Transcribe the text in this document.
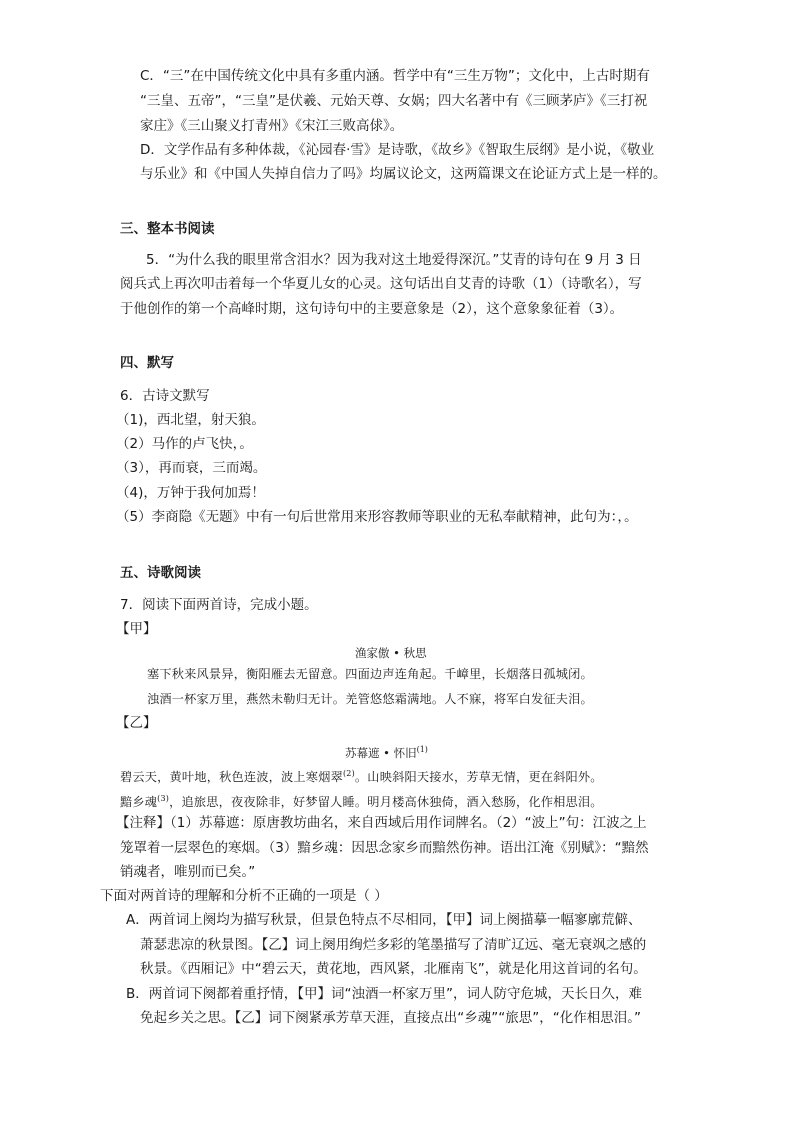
C．“三”在中国传统文化中具有多重内涵。哲学中有“三生万物”；文化中，上古时期有
“三皇、五帝”，“三皇”是伏羲、元始天尊、女娲；四大名著中有《三顾茅庐》《三打祝
家庄》《三山聚义打青州》《宋江三败高俅》。
D．文学作品有多种体裁，《沁园春·雪》是诗歌，《故乡》《智取生辰纲》是小说，《敬业
与乐业》和《中国人失掉自信力了吗》均属议论文，这两篇课文在论证方式上是一样的。
三、整本书阅读
5．“为什么我的眼里常含泪水？因为我对这土地爱得深沉。”艾青的诗句在 9 月 3 日
阅兵式上再次叩击着每一个华夏儿女的心灵。这句话出自艾青的诗歌（1）（诗歌名），写
于他创作的第一个高峰时期，这句诗句中的主要意象是（2），这个意象象征着（3）。
四、默写
6．古诗文默写
（1)，西北望，射天狼。
（2）马作的卢飞快，。
（3），再而衰，三而竭。
（4)，万钟于我何加焉！
（5）李商隐《无题》中有一句后世常用来形容教师等职业的无私奉献精神，此句为：，。
五、诗歌阅读
7．阅读下面两首诗，完成小题。
【甲】
渔家傲 • 秋思
塞下秋来风景异，衡阳雁去无留意。四面边声连角起。千嶂里，长烟落日孤城闭。
浊酒一杯家万里，燕然未勒归无计。羌管悠悠霜满地。人不寐，将军白发征夫泪。
【乙】
苏幕遮 • 怀旧$^{(1)}$
碧云天，黄叶地，秋色连波，波上寒烟翠$^{(2)}$。山映斜阳天接水，芳草无情，更在斜阳外。
黯乡魂$^{(3)}$，追旅思，夜夜除非，好梦留人睡。明月楼高休独倚，酒入愁肠，化作相思泪。
【注释】（1）苏幕遮：原唐教坊曲名，来自西域后用作词牌名。（2）“波上”句：江波之上
笼罩着一层翠色的寒烟。（3）黯乡魂：因思念家乡而黯然伤神。语出江淹《别赋》：“黯然
销魂者，唯别而已矣。”
下面对两首诗的理解和分析不正确的一项是（ ）
A．两首词上阕均为描写秋景，但景色特点不尽相同，【甲】词上阕描摹一幅寥廓荒僻、
萧瑟悲凉的秋景图。【乙】词上阕用绚烂多彩的笔墨描写了清旷辽远、毫无衰飒之感的
秋景。《西厢记》中“碧云天，黄花地，西风紧，北雁南飞”，就是化用这首词的名句。
B．两首词下阕都着重抒情，【甲】词“浊酒一杯家万里”，词人防守危城，天长日久，难
免起乡关之思。【乙】词下阕紧承芳草天涯，直接点出“乡魂”“旅思”，“化作相思泪。”
